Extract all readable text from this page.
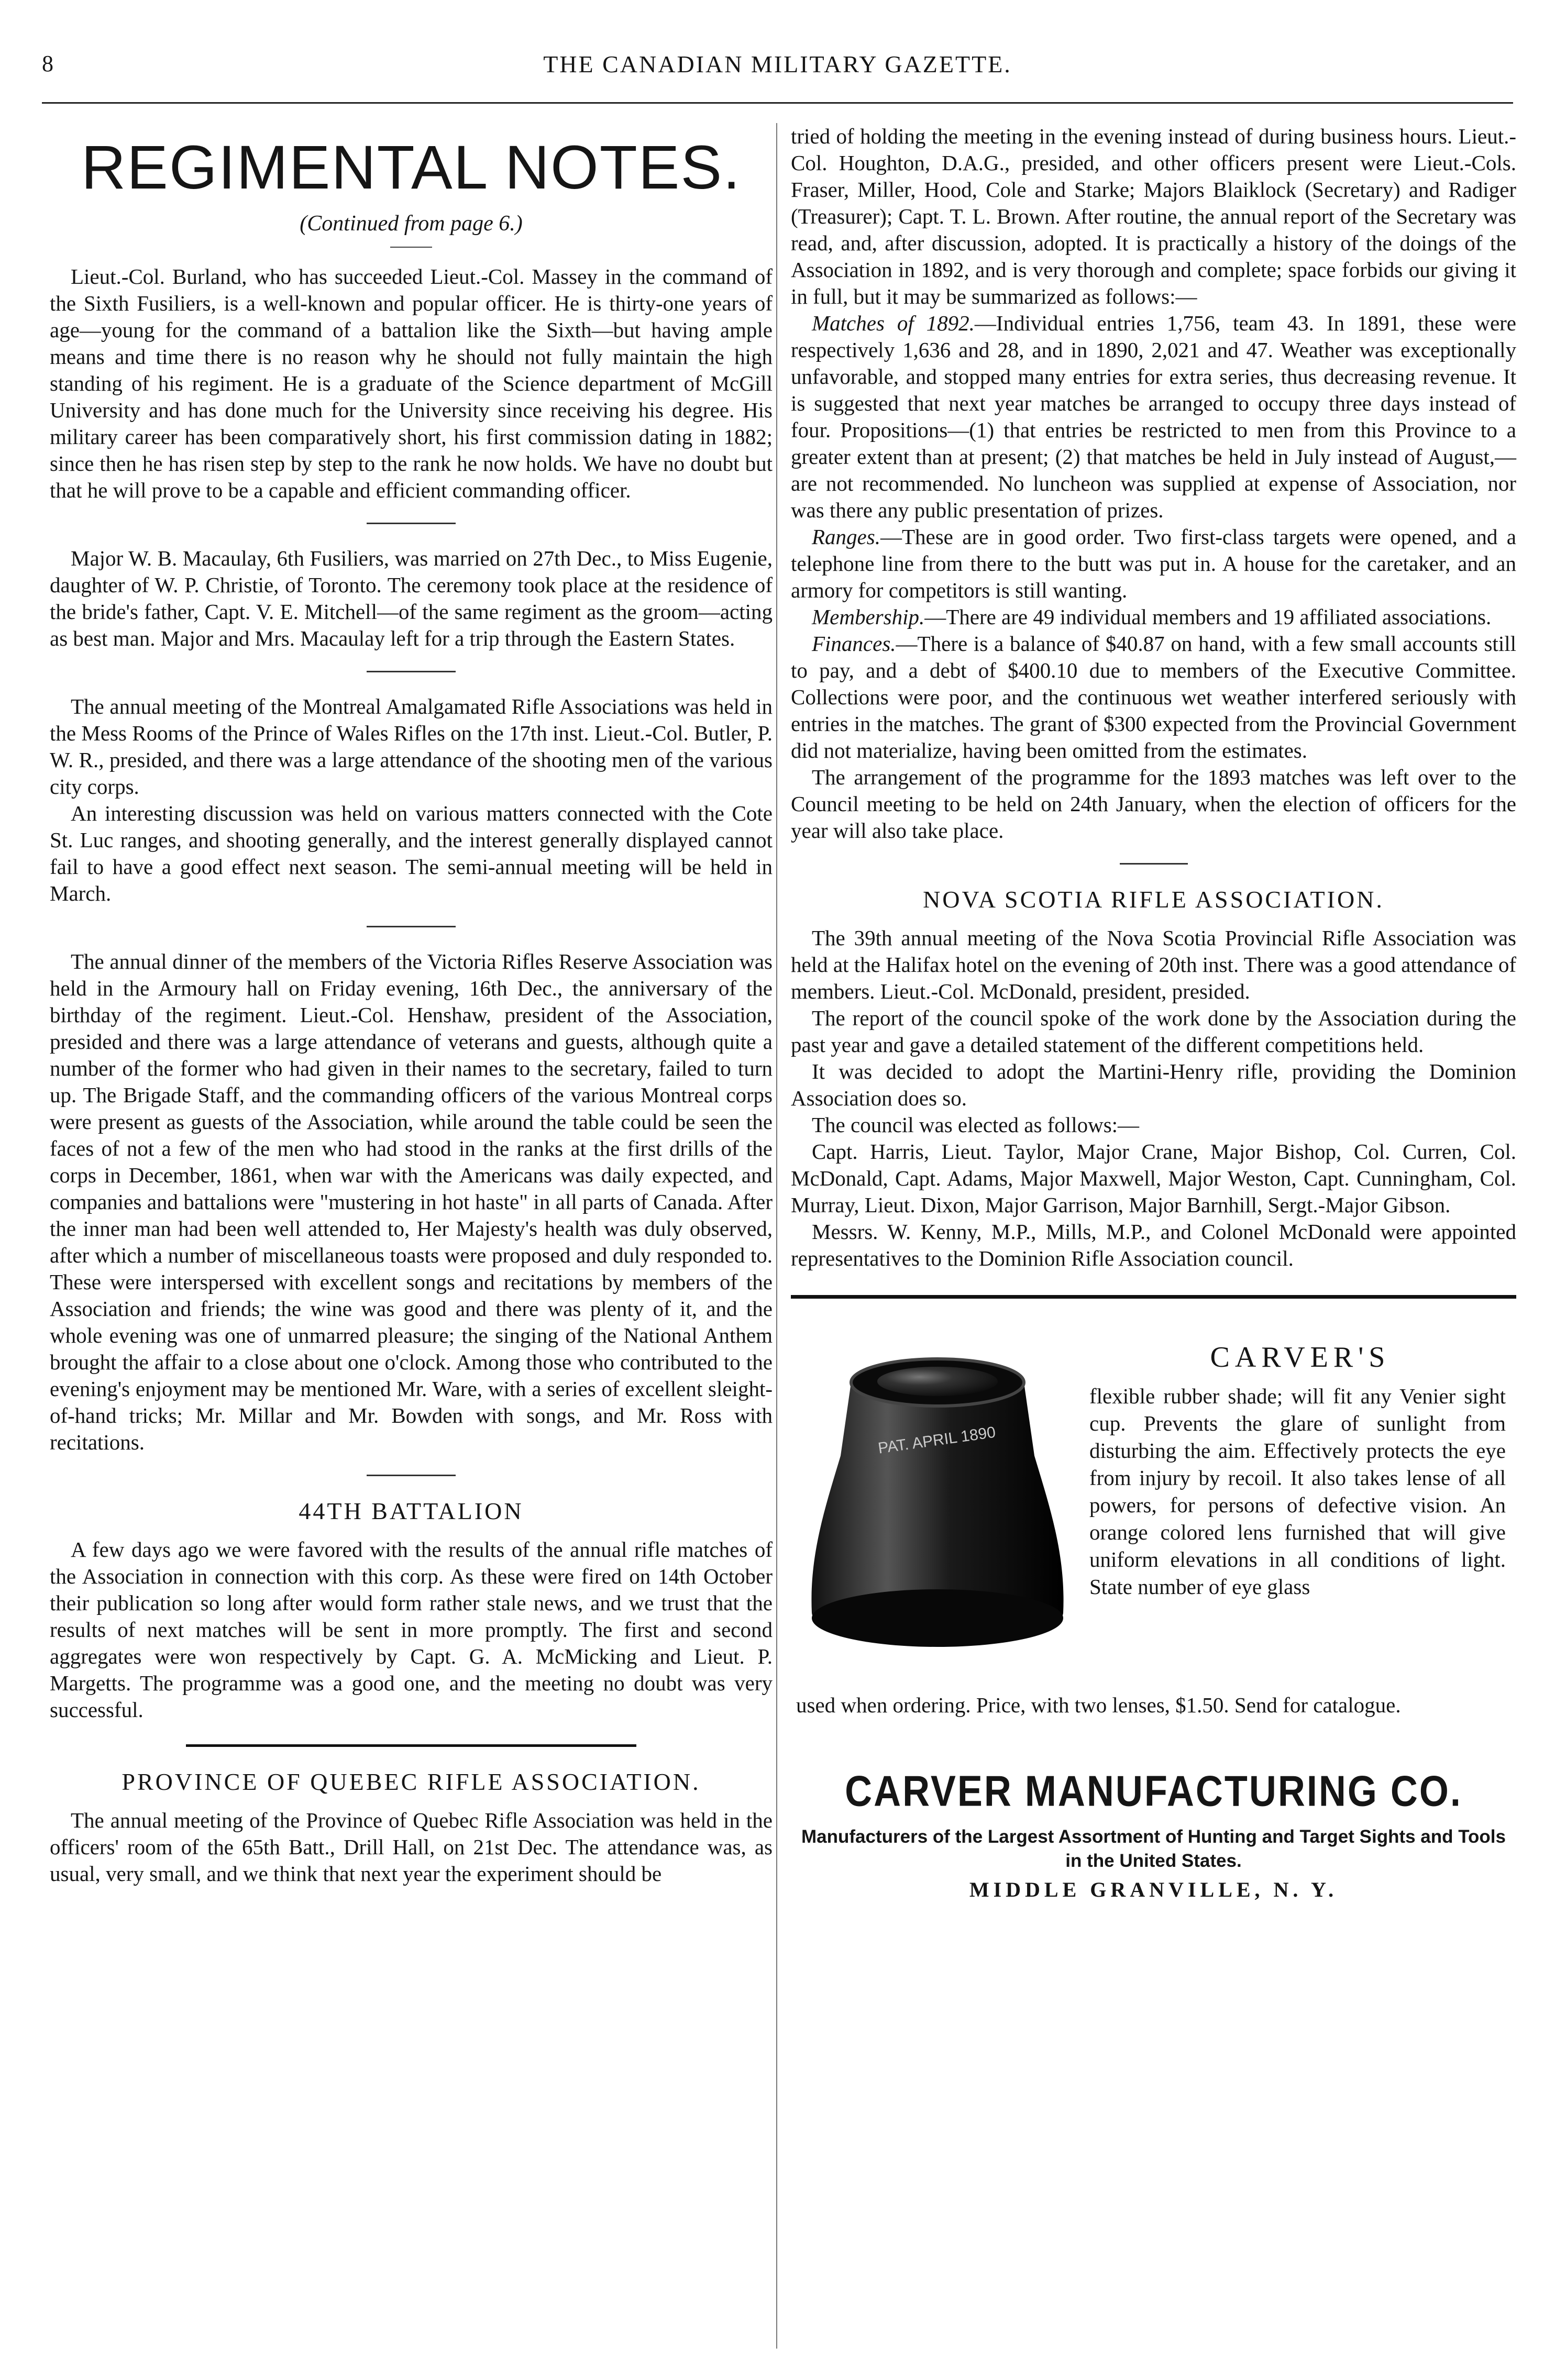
8	THE CANADIAN MILITARY GAZETTE.
REGIMENTAL NOTES.
(Continued from page 6.)

Lieut.-Col. Burland, who has succeeded Lieut.-Col. Massey in the command of the Sixth Fusiliers, is a well-known and popular officer. He is thirty-one years of age—young for the command of a battalion like the Sixth—but having ample means and time there is no reason why he should not fully maintain the high standing of his regiment. He is a graduate of the Science department of McGill University and has done much for the University since receiving his degree. His military career has been comparatively short, his first commission dating in 1882; since then he has risen step by step to the rank he now holds. We have no doubt but that he will prove to be a capable and efficient commanding officer.

Major W. B. Macaulay, 6th Fusiliers, was married on 27th Dec., to Miss Eugenie, daughter of W. P. Christie, of Toronto. The ceremony took place at the residence of the bride's father, Capt. V. E. Mitchell—of the same regiment as the groom—acting as best man. Major and Mrs. Macaulay left for a trip through the Eastern States.

The annual meeting of the Montreal Amalgamated Rifle Associations was held in the Mess Rooms of the Prince of Wales Rifles on the 17th inst. Lieut.-Col. Butler, P. W. R., presided, and there was a large attendance of the shooting men of the various city corps.

An interesting discussion was held on various matters connected with the Cote St. Luc ranges, and shooting generally, and the interest generally displayed cannot fail to have a good effect next season. The semi-annual meeting will be held in March.

The annual dinner of the members of the Victoria Rifles Reserve Association was held in the Armoury hall on Friday evening, 16th Dec., the anniversary of the birthday of the regiment. Lieut.-Col. Henshaw, president of the Association, presided and there was a large attendance of veterans and guests, although quite a number of the former who had given in their names to the secretary, failed to turn up. The Brigade Staff, and the commanding officers of the various Montreal corps were present as guests of the Association, while around the table could be seen the faces of not a few of the men who had stood in the ranks at the first drills of the corps in December, 1861, when war with the Americans was daily expected, and companies and battalions were "mustering in hot haste" in all parts of Canada. After the inner man had been well attended to, Her Majesty's health was duly observed, after which a number of miscellaneous toasts were proposed and duly responded to. These were interspersed with excellent songs and recitations by members of the Association and friends; the wine was good and there was plenty of it, and the whole evening was one of unmarred pleasure; the singing of the National Anthem brought the affair to a close about one o'clock. Among those who contributed to the evening's enjoyment may be mentioned Mr. Ware, with a series of excellent sleight-of-hand tricks; Mr. Millar and Mr. Bowden with songs, and Mr. Ross with recitations.

44TH BATTALION

A few days ago we were favored with the results of the annual rifle matches of the Association in connection with this corp. As these were fired on 14th October their publication so long after would form rather stale news, and we trust that the results of next matches will be sent in more promptly. The first and second aggregates were won respectively by Capt. G. A. McMicking and Lieut. P. Margetts. The programme was a good one, and the meeting no doubt was very successful.

PROVINCE OF QUEBEC RIFLE ASSOCIATION.

The annual meeting of the Province of Quebec Rifle Association was held in the officers' room of the 65th Batt., Drill Hall, on 21st Dec. The attendance was, as usual, very small, and we think that next year the experiment should be

tried of holding the meeting in the evening instead of during business hours. Lieut.-Col. Houghton, D.A.G., presided, and other officers present were Lieut.-Cols. Fraser, Miller, Hood, Cole and Starke; Majors Blaiklock (Secretary) and Radiger (Treasurer); Capt. T. L. Brown. After routine, the annual report of the Secretary was read, and, after discussion, adopted. It is practically a history of the doings of the Association in 1892, and is very thorough and complete; space forbids our giving it in full, but it may be summarized as follows:—

Matches of 1892.—Individual entries 1,756, team 43. In 1891, these were respectively 1,636 and 28, and in 1890, 2,021 and 47. Weather was exceptionally unfavorable, and stopped many entries for extra series, thus decreasing revenue. It is suggested that next year matches be arranged to occupy three days instead of four. Propositions—(1) that entries be restricted to men from this Province to a greater extent than at present; (2) that matches be held in July instead of August,—are not recommended. No luncheon was supplied at expense of Association, nor was there any public presentation of prizes.

Ranges.—These are in good order. Two first-class targets were opened, and a telephone line from there to the butt was put in. A house for the caretaker, and an armory for competitors is still wanting.

Membership.—There are 49 individual members and 19 affiliated associations.

Finances.—There is a balance of $40.87 on hand, with a few small accounts still to pay, and a debt of $400.10 due to members of the Executive Committee. Collections were poor, and the continuous wet weather interfered seriously with entries in the matches. The grant of $300 expected from the Provincial Government did not materialize, having been omitted from the estimates.

The arrangement of the programme for the 1893 matches was left over to the Council meeting to be held on 24th January, when the election of officers for the year will also take place.

NOVA SCOTIA RIFLE ASSOCIATION.

The 39th annual meeting of the Nova Scotia Provincial Rifle Association was held at the Halifax hotel on the evening of 20th inst. There was a good attendance of members. Lieut.-Col. McDonald, president, presided.

The report of the council spoke of the work done by the Association during the past year and gave a detailed statement of the different competitions held.

It was decided to adopt the Martini-Henry rifle, providing the Dominion Association does so.

The council was elected as follows:—

Capt. Harris, Lieut. Taylor, Major Crane, Major Bishop, Col. Curren, Col. McDonald, Capt. Adams, Major Maxwell, Major Weston, Capt. Cunningham, Col. Murray, Lieut. Dixon, Major Garrison, Major Barnhill, Sergt.-Major Gibson.

Messrs. W. Kenny, M.P., Mills, M.P., and Colonel McDonald were appointed representatives to the Dominion Rifle Association council.

PAT. APRIL 1890
CARVER'S
flexible rubber shade; will fit any Venier sight cup. Prevents the glare of sunlight from disturbing the aim. Effectively protects the eye from injury by recoil. It also takes lense of all powers, for persons of defective vision. An orange colored lens furnished that will give uniform elevations in all conditions of light. State number of eye glass
used when ordering. Price, with two lenses, $1.50. Send for catalogue.
CARVER MANUFACTURING CO.
Manufacturers of the Largest Assortment of Hunting and Target Sights and Tools in the United States.
MIDDLE GRANVILLE, N. Y.
